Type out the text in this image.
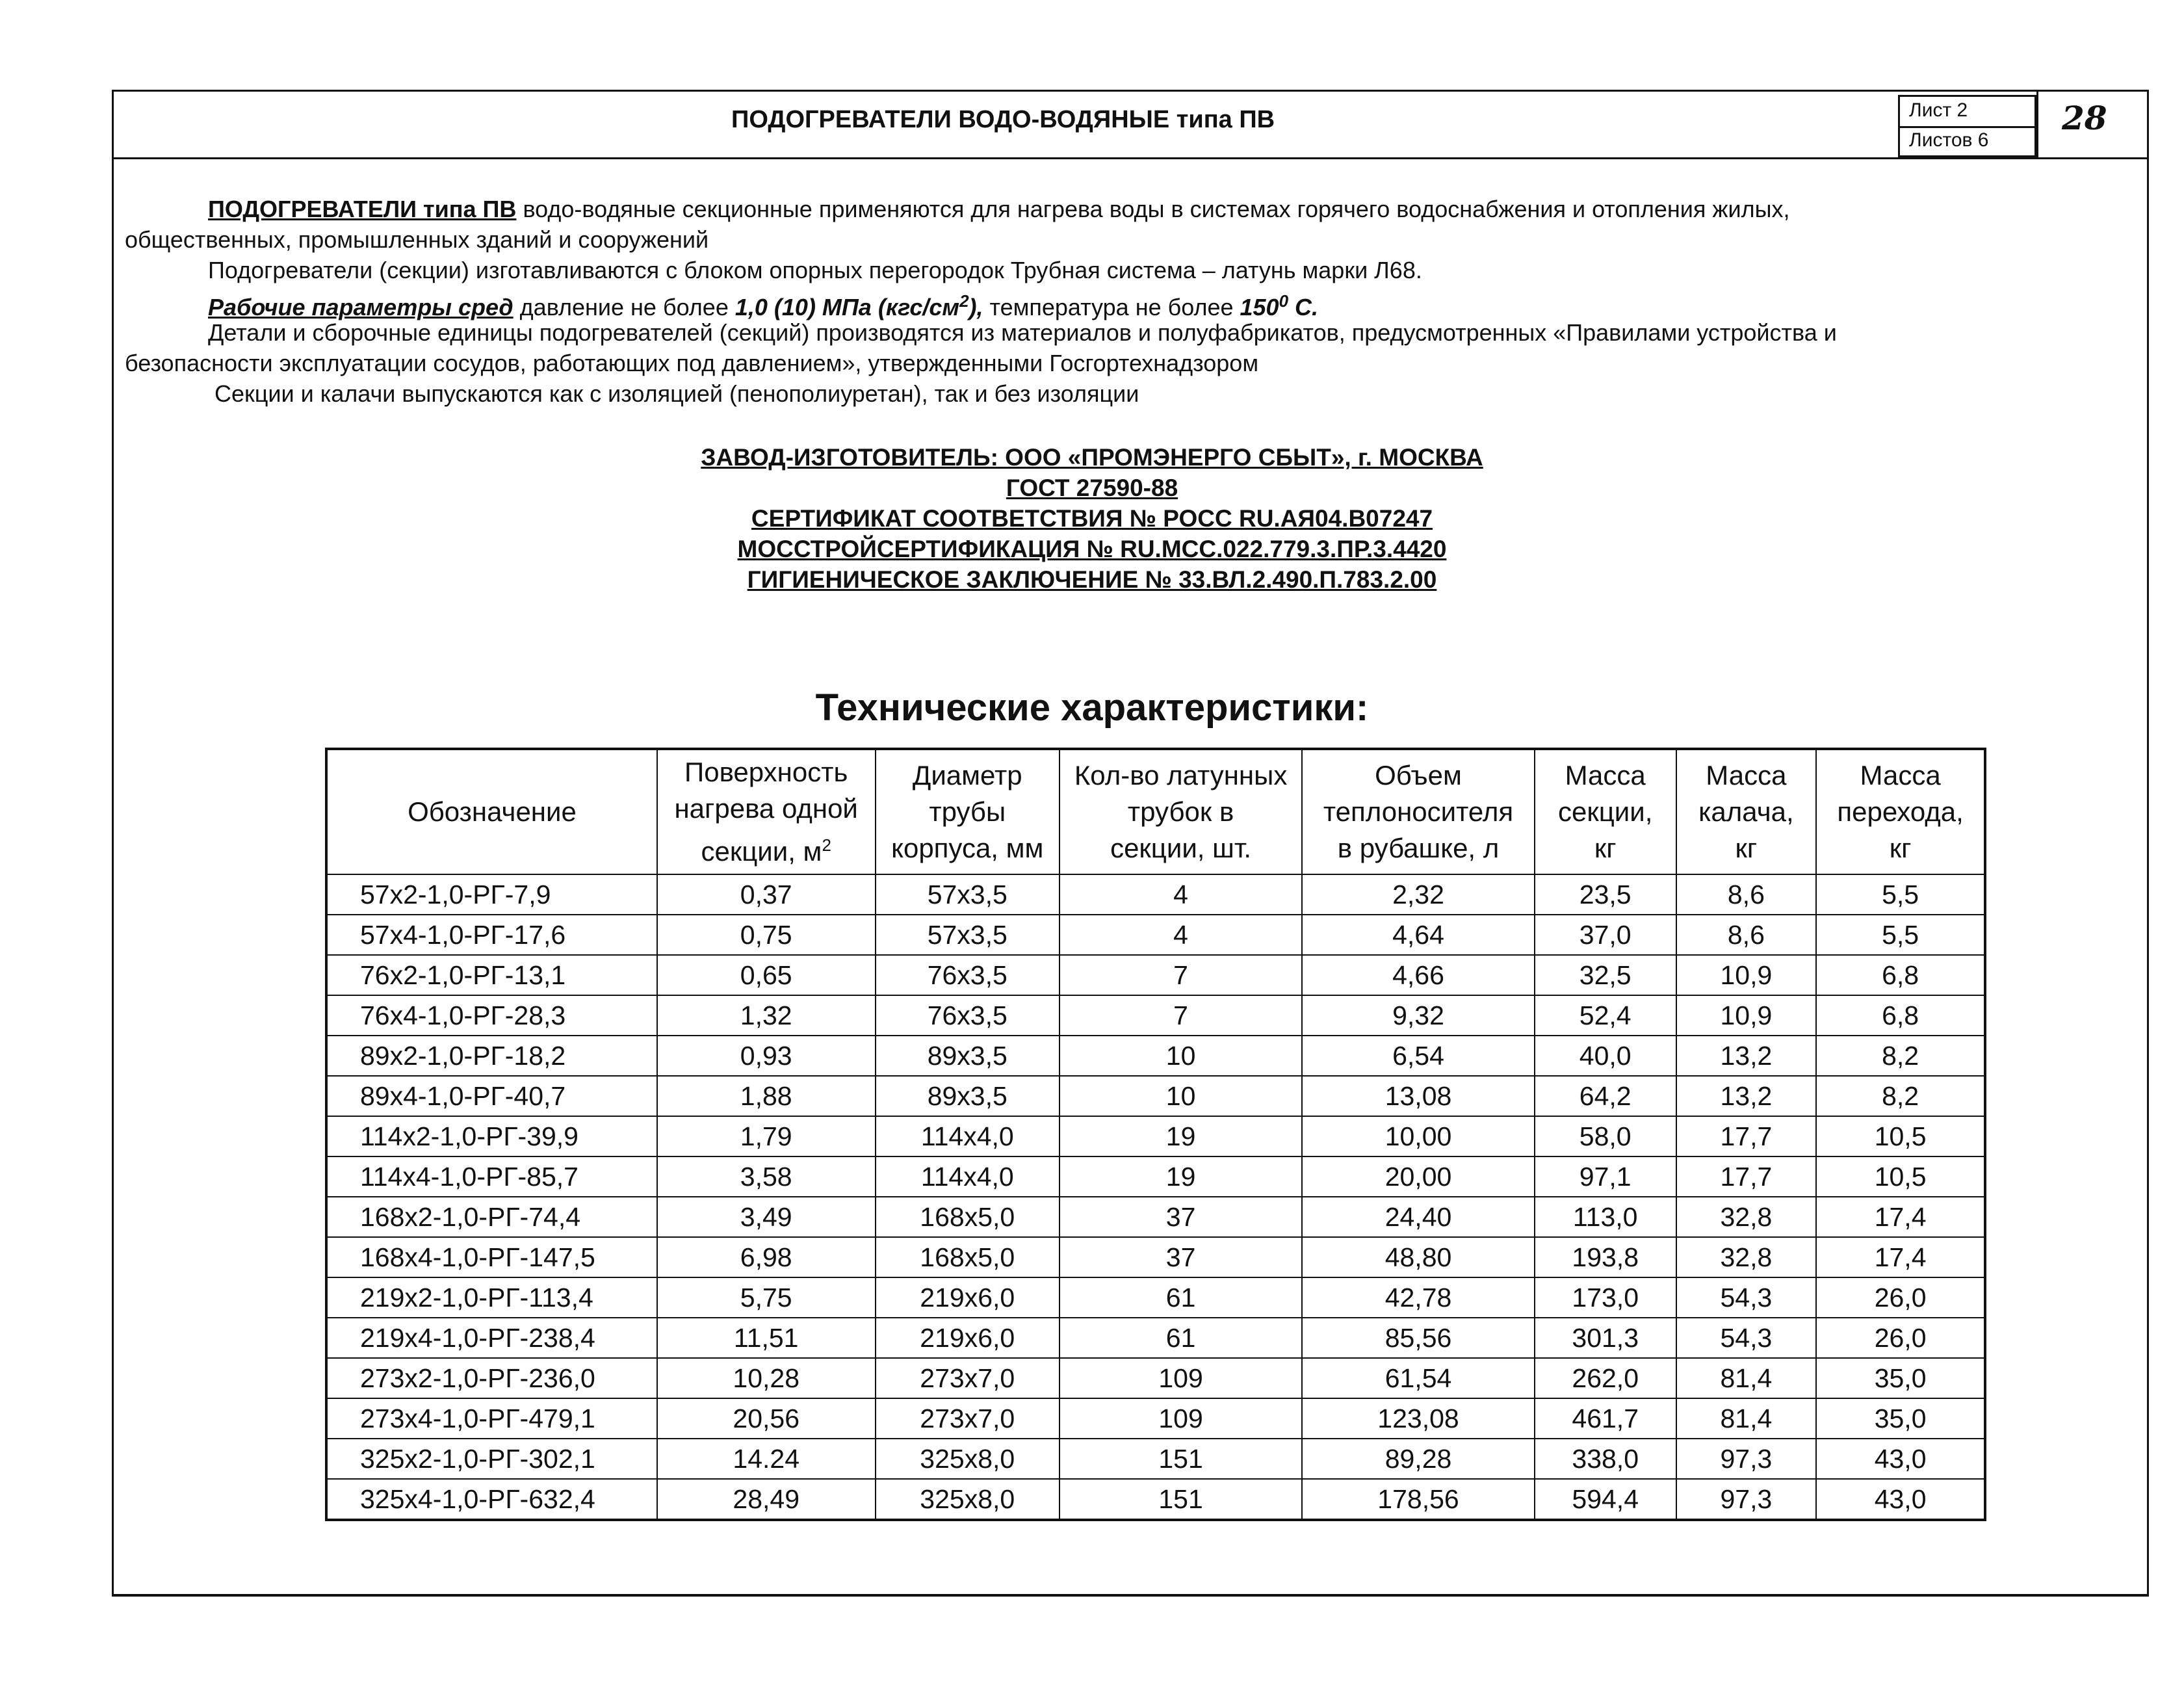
ПОДОГРЕВАТЕЛИ ВОДО-ВОДЯНЫЕ типа ПВ	Лист 2
Листов 6
28
ПОДОГРЕВАТЕЛИ типа ПВ водо-водяные секционные применяются для нагрева воды в системах горячего водоснабжения и отопления жилых,
общественных, промышленных зданий и сооружений
Подогреватели (секции) изготавливаются с блоком опорных перегородок Трубная система – латунь марки Л68.
Рабочие параметры сред давление не более 1,0 (10) МПа $(кгс/см^2)$, температура не более $150^0$ С.
Детали и сборочные единицы подогревателей (секций) производятся из материалов и полуфабрикатов, предусмотренных «Правилами устройства и
безопасности эксплуатации сосудов, работающих под давлением», утвержденными Госгортехнадзором
Секции и калачи выпускаются как с изоляцией (пенополиуретан), так и без изоляции
ЗАВОД-ИЗГОТОВИТЕЛЬ: ООО «ПРОМЭНЕРГО СБЫТ», г. МОСКВА
ГОСТ 27590-88
СЕРТИФИКАТ СООТВЕТСТВИЯ № РОСС RU.АЯ04.В07247
МОССТРОЙСЕРТИФИКАЦИЯ № RU.МСС.022.779.3.ПР.3.4420
ГИГИЕНИЧЕСКОЕ ЗАКЛЮЧЕНИЕ № 33.ВЛ.2.490.П.783.2.00
Технические характеристики:
Обозначение	Поверхность
нагрева одной
секции, $м^2$	Диаметр
трубы
корпуса, мм	Кол-во латунных
трубок в
секции, шт.	Объем
теплоносителя
в рубашке, л	Масса
секции,
кг	Масса
калача,
кг	Масса
перехода,
кг
57x2-1,0-РГ-7,9	0,37	57x3,5	4	2,32	23,5	8,6	5,5
57x4-1,0-РГ-17,6	0,75	57x3,5	4	4,64	37,0	8,6	5,5
76x2-1,0-РГ-13,1	0,65	76x3,5	7	4,66	32,5	10,9	6,8
76x4-1,0-РГ-28,3	1,32	76x3,5	7	9,32	52,4	10,9	6,8
89x2-1,0-РГ-18,2	0,93	89x3,5	10	6,54	40,0	13,2	8,2
89x4-1,0-РГ-40,7	1,88	89x3,5	10	13,08	64,2	13,2	8,2
114x2-1,0-РГ-39,9	1,79	114x4,0	19	10,00	58,0	17,7	10,5
114x4-1,0-РГ-85,7	3,58	114x4,0	19	20,00	97,1	17,7	10,5
168x2-1,0-РГ-74,4	3,49	168x5,0	37	24,40	113,0	32,8	17,4
168x4-1,0-РГ-147,5	6,98	168x5,0	37	48,80	193,8	32,8	17,4
219x2-1,0-РГ-113,4	5,75	219x6,0	61	42,78	173,0	54,3	26,0
219x4-1,0-РГ-238,4	11,51	219x6,0	61	85,56	301,3	54,3	26,0
273x2-1,0-РГ-236,0	10,28	273x7,0	109	61,54	262,0	81,4	35,0
273x4-1,0-РГ-479,1	20,56	273x7,0	109	123,08	461,7	81,4	35,0
325x2-1,0-РГ-302,1	14.24	325x8,0	151	89,28	338,0	97,3	43,0
325x4-1,0-РГ-632,4	28,49	325x8,0	151	178,56	594,4	97,3	43,0
